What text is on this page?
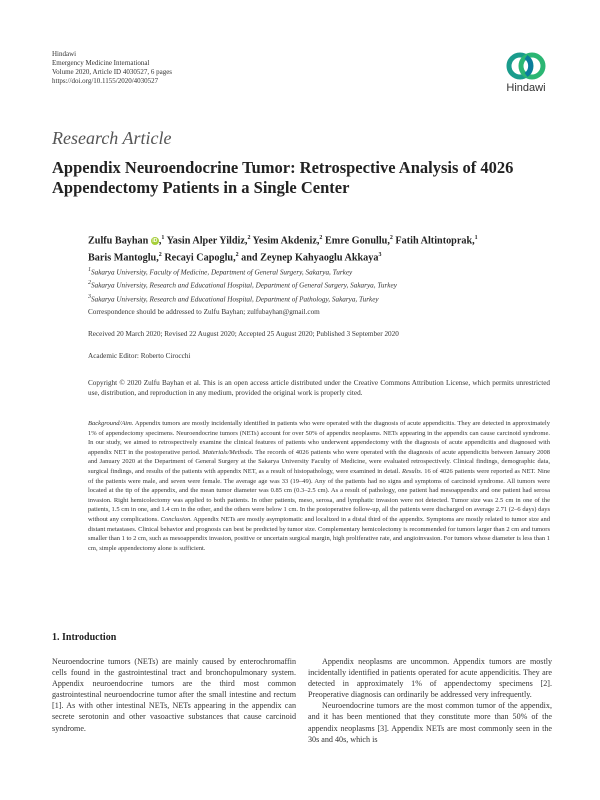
Hindawi
Emergency Medicine International
Volume 2020, Article ID 4030527, 6 pages
https://doi.org/10.1155/2020/4030527
Hindawi
Research Article
Appendix Neuroendocrine Tumor: Retrospective Analysis of 4026 Appendectomy Patients in a Single Center
Zulfu Bayhan iD ,$^1$ Yasin Alper Yildiz,$^2$ Yesim Akdeniz,$^2$ Emre Gonullu,$^2$ Fatih Altintoprak,$^1$
Baris Mantoglu,$^2$ Recayi Capoglu,$^2$ and Zeynep Kahyaoglu Akkaya$^3$
$^1$Sakarya University, Faculty of Medicine, Department of General Surgery, Sakarya, Turkey
$^2$Sakarya University, Research and Educational Hospital, Department of General Surgery, Sakarya, Turkey
$^3$Sakarya University, Research and Educational Hospital, Department of Pathology, Sakarya, Turkey
Correspondence should be addressed to Zulfu Bayhan; zulfubayhan@gmail.com
Received 20 March 2020; Revised 22 August 2020; Accepted 25 August 2020; Published 3 September 2020
Academic Editor: Roberto Cirocchi
Copyright © 2020 Zulfu Bayhan et al. This is an open access article distributed under the Creative Commons Attribution License, which permits unrestricted use, distribution, and reproduction in any medium, provided the original work is properly cited.
Background/Aim. Appendix tumors are mostly incidentally identified in patients who were operated with the diagnosis of acute appendicitis. They are detected in approximately 1% of appendectomy specimens. Neuroendocrine tumors (NETs) account for over 50% of appendix neoplasms. NETs appearing in the appendix can cause carcinoid syndrome. In our study, we aimed to retrospectively examine the clinical features of patients who underwent appendectomy with the diagnosis of acute appendicitis and diagnosed with appendix NET in the postoperative period. Materials/Methods. The records of 4026 patients who were operated with the diagnosis of acute appendicitis between January 2008 and January 2020 at the Department of General Surgery at the Sakarya University Faculty of Medicine, were evaluated retrospectively. Clinical findings, demographic data, surgical findings, and results of the patients with appendix NET, as a result of histopathology, were examined in detail. Results. 16 of 4026 patients were reported as NET. Nine of the patients were male, and seven were female. The average age was 33 (19–49). Any of the patients had no signs and symptoms of carcinoid syndrome. All tumors were located at the tip of the appendix, and the mean tumor diameter was 0.85 cm (0.3–2.5 cm). As a result of pathology, one patient had mesoappendix and one patient had serosa invasion. Right hemicolectomy was applied to both patients. In other patients, meso, serosa, and lymphatic invasion were not detected. Tumor size was 2.5 cm in one of the patients, 1.5 cm in one, and 1.4 cm in the other, and the others were below 1 cm. In the postoperative follow-up, all the patients were discharged on average 2.71 (2–6 days) days without any complications. Conclusion. Appendix NETs are mostly asymptomatic and localized in a distal third of the appendix. Symptoms are mostly related to tumor size and distant metastases. Clinical behavior and prognosis can best be predicted by tumor size. Complementary hemicolectomy is recommended for tumors larger than 2 cm and tumors smaller than 1 to 2 cm, such as mesoappendix invasion, positive or uncertain surgical margin, high proliferative rate, and angioinvasion. For tumors whose diameter is less than 1 cm, simple appendectomy alone is sufficient.
1. Introduction

Neuroendocrine tumors (NETs) are mainly caused by enterochromaffin cells found in the gastrointestinal tract and bronchopulmonary system. Appendix neuroendocrine tumors are the third most common gastrointestinal neuroendocrine tumor after the small intestine and rectum [1]. As with other intestinal NETs, NETs appearing in the appendix can secrete serotonin and other vasoactive substances that cause carcinoid syndrome.

Appendix neoplasms are uncommon. Appendix tumors are mostly incidentally identified in patients operated for acute appendicitis. They are detected in approximately 1% of appendectomy specimens [2]. Preoperative diagnosis can ordinarily be addressed very infrequently.

Neuroendocrine tumors are the most common tumor of the appendix, and it has been mentioned that they constitute more than 50% of the appendix neoplasms [3]. Appendix NETs are most commonly seen in the 30s and 40s, which is
